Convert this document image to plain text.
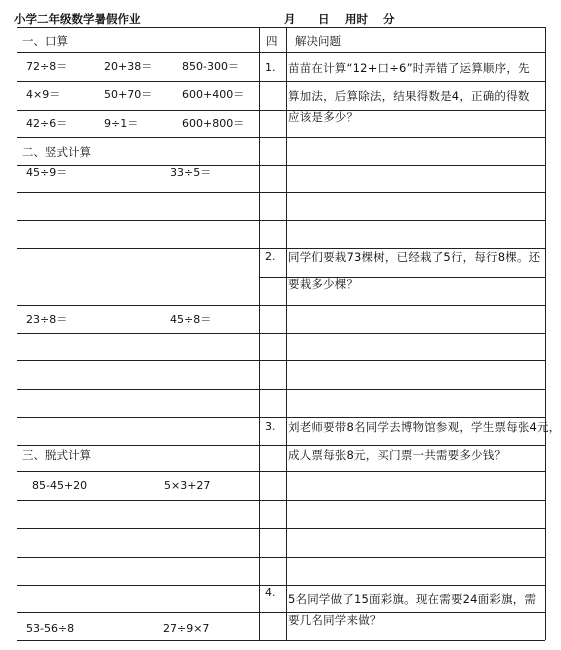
小学二年级数学暑假作业	月 日 用时 分
一、口算
72÷8＝	20+38＝	850-300＝
4×9＝	50+70＝	600+400＝
42÷6＝	9÷1＝	600+800＝
二、竖式计算
45÷9＝	33÷5＝
23÷8＝	45÷8＝
三、脱式计算
85-45+20	5×3+27
53-56÷8	27÷9×7
四 解决问题
1. 苗苗在计算“12+口÷6”时弄错了运算顺序，先
算加法，后算除法，结果得数是4，正确的得数
应该是多少？
2. 同学们要栽73棵树，已经栽了5行，每行8棵。还
要栽多少棵？
3. 刘老师要带8名同学去博物馆参观，学生票每张4元，
成人票每张8元，买门票一共需要多少钱？
4. 5名同学做了15面彩旗。现在需要24面彩旗，需
要几名同学来做？
